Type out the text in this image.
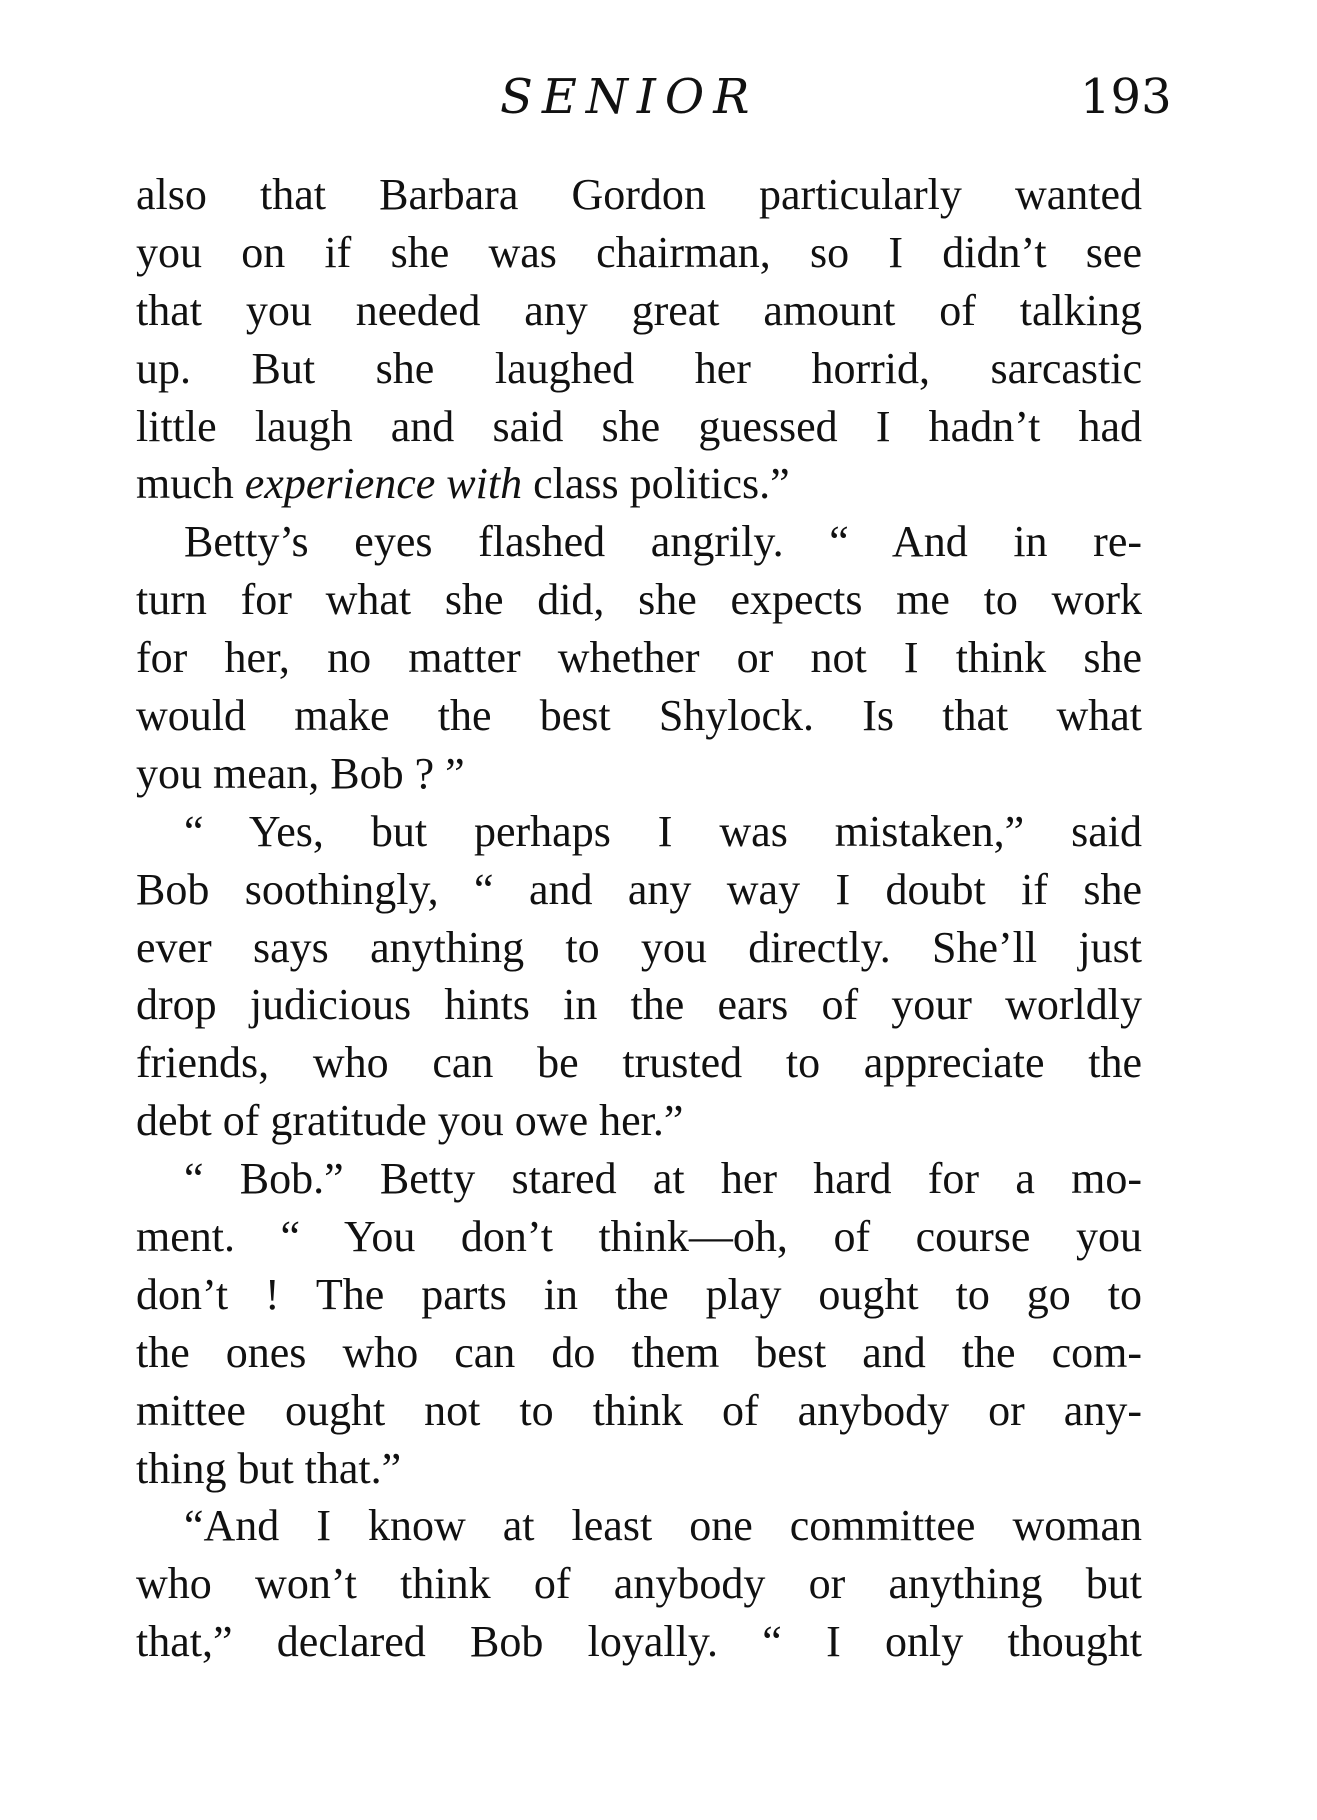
SENIOR	193
also that Barbara Gordon particularly wanted
you on if she was chairman, so I didn’t see
that you needed any great amount of talking
up. But she laughed her horrid, sarcastic
little laugh and said she guessed I hadn’t had
much experience with class politics.”
Betty’s eyes flashed angrily. “ And in re-
turn for what she did, she expects me to work
for her, no matter whether or not I think she
would make the best Shylock. Is that what
you mean, Bob ? ”
“ Yes, but perhaps I was mistaken,” said
Bob soothingly, “ and any way I doubt if she
ever says anything to you directly. She’ll just
drop judicious hints in the ears of your worldly
friends, who can be trusted to appreciate the
debt of gratitude you owe her.”
“ Bob.” Betty stared at her hard for a mo-
ment. “ You don’t think—oh, of course you
don’t ! The parts in the play ought to go to
the ones who can do them best and the com-
mittee ought not to think of anybody or any-
thing but that.”
“And I know at least one committee woman
who won’t think of anybody or anything but
that,” declared Bob loyally. “ I only thought
